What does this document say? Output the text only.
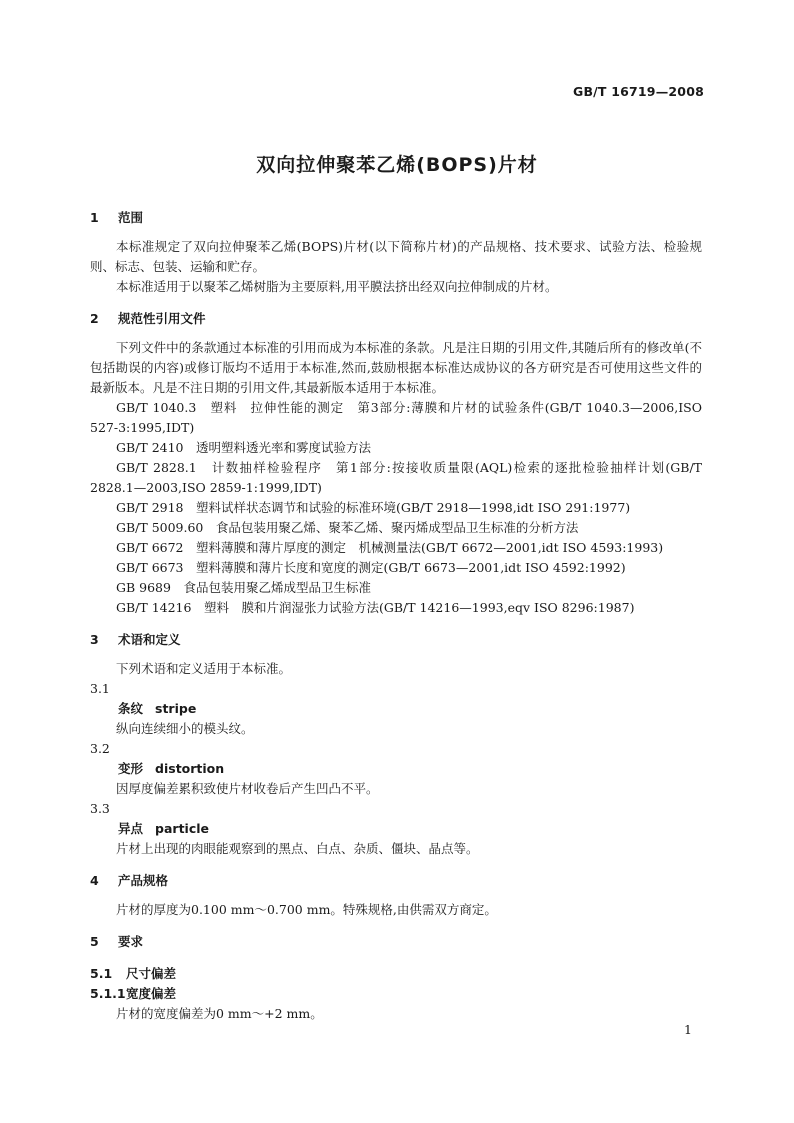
GB/T 16719—2008
双向拉伸聚苯乙烯(BOPS)片材
1 范围

本标准规定了双向拉伸聚苯乙烯(BOPS)片材(以下简称片材)的产品规格、技术要求、试验方法、检验规则、标志、包装、运输和贮存。

本标准适用于以聚苯乙烯树脂为主要原料,用平膜法挤出经双向拉伸制成的片材。

2 规范性引用文件

下列文件中的条款通过本标准的引用而成为本标准的条款。凡是注日期的引用文件,其随后所有的修改单(不包括勘误的内容)或修订版均不适用于本标准,然而,鼓励根据本标准达成协议的各方研究是否可使用这些文件的最新版本。凡是不注日期的引用文件,其最新版本适用于本标准。

GB/T 1040.3　塑料　拉伸性能的测定　第3部分:薄膜和片材的试验条件(GB/T 1040.3—2006,ISO 527-3:1995,IDT)

GB/T 2410　透明塑料透光率和雾度试验方法

GB/T 2828.1　计数抽样检验程序　第1部分:按接收质量限(AQL)检索的逐批检验抽样计划(GB/T 2828.1—2003,ISO 2859-1:1999,IDT)

GB/T 2918　塑料试样状态调节和试验的标准环境(GB/T 2918—1998,idt ISO 291:1977)

GB/T 5009.60　食品包装用聚乙烯、聚苯乙烯、聚丙烯成型品卫生标准的分析方法

GB/T 6672　塑料薄膜和薄片厚度的测定　机械测量法(GB/T 6672—2001,idt ISO 4593:1993)

GB/T 6673　塑料薄膜和薄片长度和宽度的测定(GB/T 6673—2001,idt ISO 4592:1992)

GB 9689　食品包装用聚乙烯成型品卫生标准

GB/T 14216　塑料　膜和片润湿张力试验方法(GB/T 14216—1993,eqv ISO 8296:1987)

3 术语和定义

下列术语和定义适用于本标准。

3.1

条纹 stripe

纵向连续细小的模头纹。

3.2

变形 distortion

因厚度偏差累积致使片材收卷后产生凹凸不平。

3.3

异点 particle

片材上出现的肉眼能观察到的黑点、白点、杂质、僵块、晶点等。

4 产品规格

片材的厚度为0.100 mm～0.700 mm。特殊规格,由供需双方商定。

5 要求
5.1 尺寸偏差
5.1.1宽度偏差

片材的宽度偏差为0 mm～+2 mm。

1
